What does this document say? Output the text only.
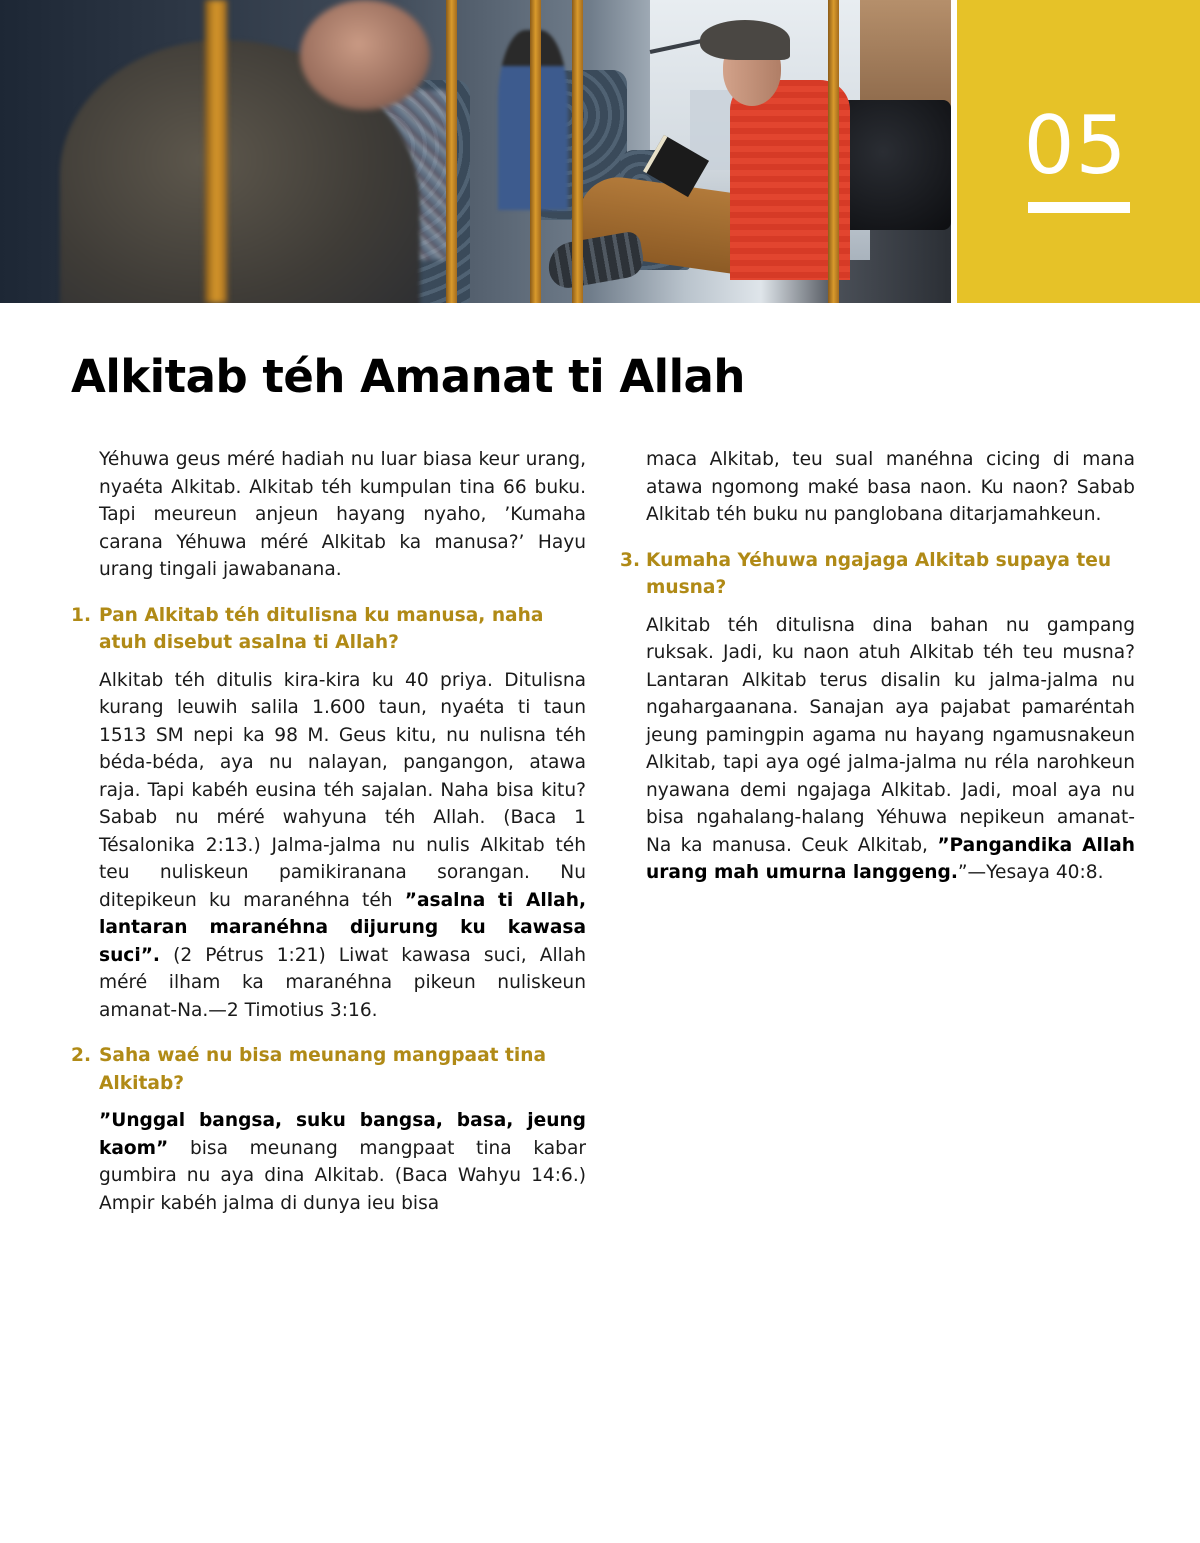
05
Alkitab téh Amanat ti Allah

Yéhuwa geus méré hadiah nu luar biasa keur urang, nyaéta Alkitab. Alkitab téh kumpulan tina 66 buku. Tapi meureun anjeun hayang nyaho, ’Kumaha carana Yéhuwa méré Alkitab ka manusa?’ Hayu urang tingali jawabanana.

1. Pan Alkitab téh ditulisna ku manusa, naha atuh disebut asalna ti Allah?

Alkitab téh ditulis kira-kira ku 40 priya. Ditulisna kurang leuwih salila 1.600 taun, nyaéta ti taun 1513 SM nepi ka 98 M. Geus kitu, nu nulisna téh béda-béda, aya nu nalayan, pangangon, atawa raja. Tapi kabéh eusina téh sajalan. Naha bisa kitu? Sabab nu méré wahyuna téh Allah. (Baca 1 Tésalonika 2:13.) Jalma-jalma nu nulis Alkitab téh teu nuliskeun pamikiranana sorangan. Nu ditepikeun ku maranéhna téh ”asalna ti Allah, lantaran maranéhna dijurung ku kawasa suci”. (2 Pétrus 1:21) Liwat kawasa suci, Allah méré ilham ka maranéhna pikeun nuliskeun amanat-Na.—2 Timotius 3:16.

2. Saha waé nu bisa meunang mangpaat tina Alkitab?

”Unggal bangsa, suku bangsa, basa, jeung kaom” bisa meunang mangpaat tina kabar gumbira nu aya dina Alkitab. (Baca Wahyu 14:6.) Ampir kabéh jalma di dunya ieu bisa

maca Alkitab, teu sual manéhna cicing di mana atawa ngomong maké basa naon. Ku naon? Sabab Alkitab téh buku nu panglobana ditarjamahkeun.

3. Kumaha Yéhuwa ngajaga Alkitab supaya teu musna?

Alkitab téh ditulisna dina bahan nu gampang ruksak. Jadi, ku naon atuh Alkitab téh teu musna? Lantaran Alkitab terus disalin ku jalma-jalma nu ngahargaanana. Sanajan aya pajabat pamaréntah jeung pamingpin agama nu hayang ngamusnakeun Alkitab, tapi aya ogé jalma-jalma nu réla narohkeun nyawana demi ngajaga Alkitab. Jadi, moal aya nu bisa ngahalang-halang Yéhuwa nepikeun amanat-Na ka manusa. Ceuk Alkitab, ”Pangandika Allah urang mah umurna langgeng.”—Yesaya 40:8.
